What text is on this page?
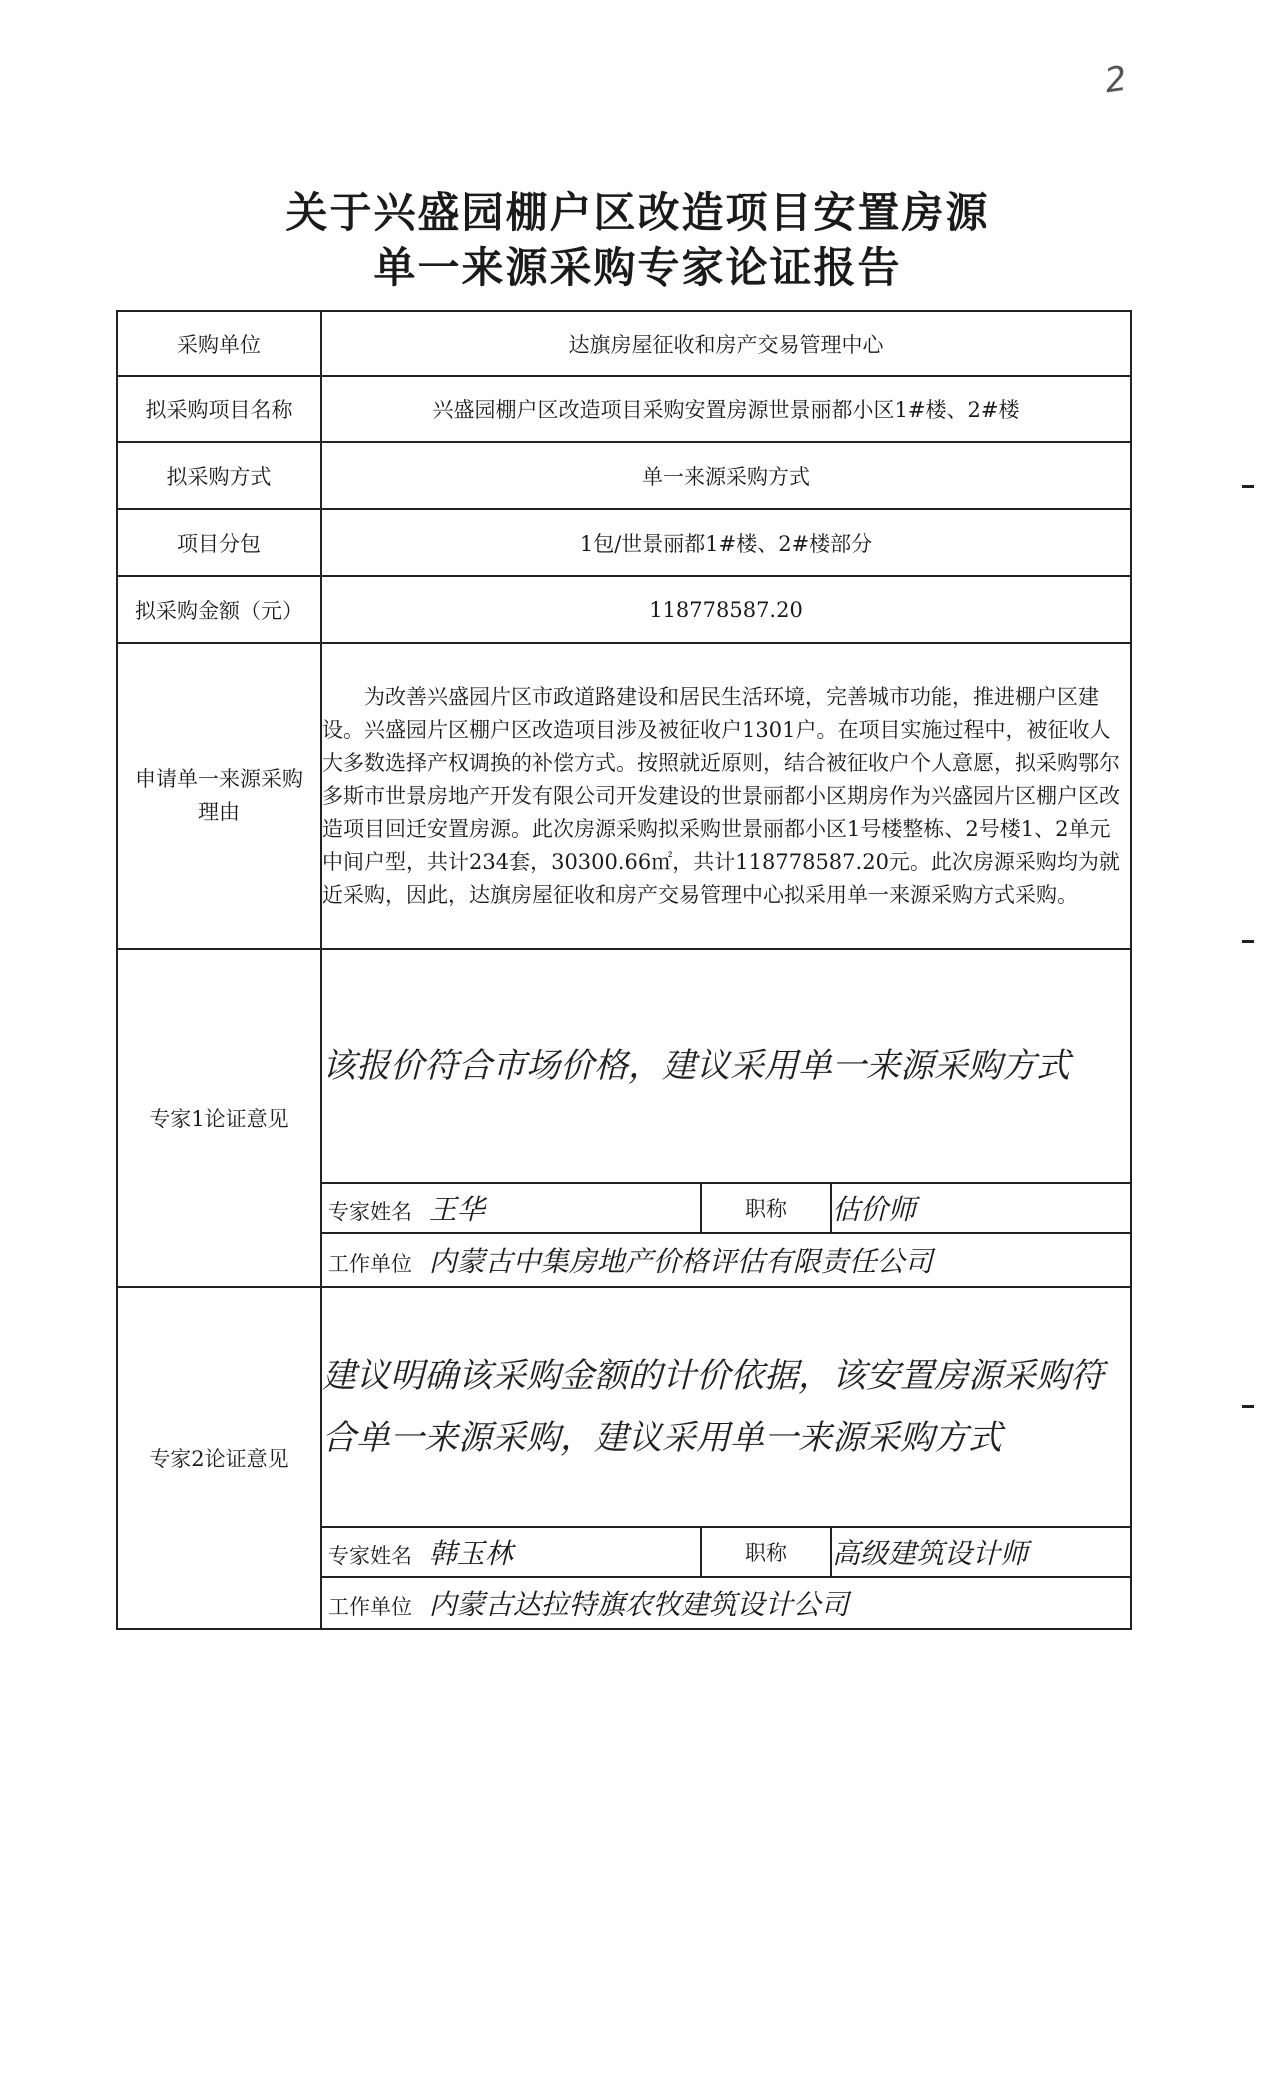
2
关于兴盛园棚户区改造项目安置房源
单一来源采购专家论证报告
采购单位	达旗房屋征收和房产交易管理中心		
拟采购项目名称	兴盛园棚户区改造项目采购安置房源世景丽都小区1#楼、2#楼		
拟采购方式	单一来源采购方式		
项目分包	1包/世景丽都1#楼、2#楼部分		
拟采购金额（元）	118778587.20		
申请单一来源采购理由	为改善兴盛园片区市政道路建设和居民生活环境，完善城市功能，推进棚户区建设。兴盛园片区棚户区改造项目涉及被征收户1301户。在项目实施过程中，被征收人大多数选择产权调换的补偿方式。按照就近原则，结合被征收户个人意愿，拟采购鄂尔多斯市世景房地产开发有限公司开发建设的世景丽都小区期房作为兴盛园片区棚户区改造项目回迁安置房源。此次房源采购拟采购世景丽都小区1号楼整栋、2号楼1、2单元中间户型，共计234套，30300.66㎡，共计118778587.20元。此次房源采购均为就近采购，因此，达旗房屋征收和房产交易管理中心拟采用单一来源采购方式采购。		

专家1论证意见	该报价符合市场价格，建议采用单一来源采购方式		
	专家姓名 王华	职称	估价师
	工作单位 内蒙古中集房地产价格评估有限责任公司		
专家2论证意见	建议明确该采购金额的计价依据，该安置房源采购符合单一来源采购，建议采用单一来源采购方式		
	专家姓名 韩玉林	职称	高级建筑设计师
	工作单位 内蒙古达拉特旗农牧建筑设计公司		
